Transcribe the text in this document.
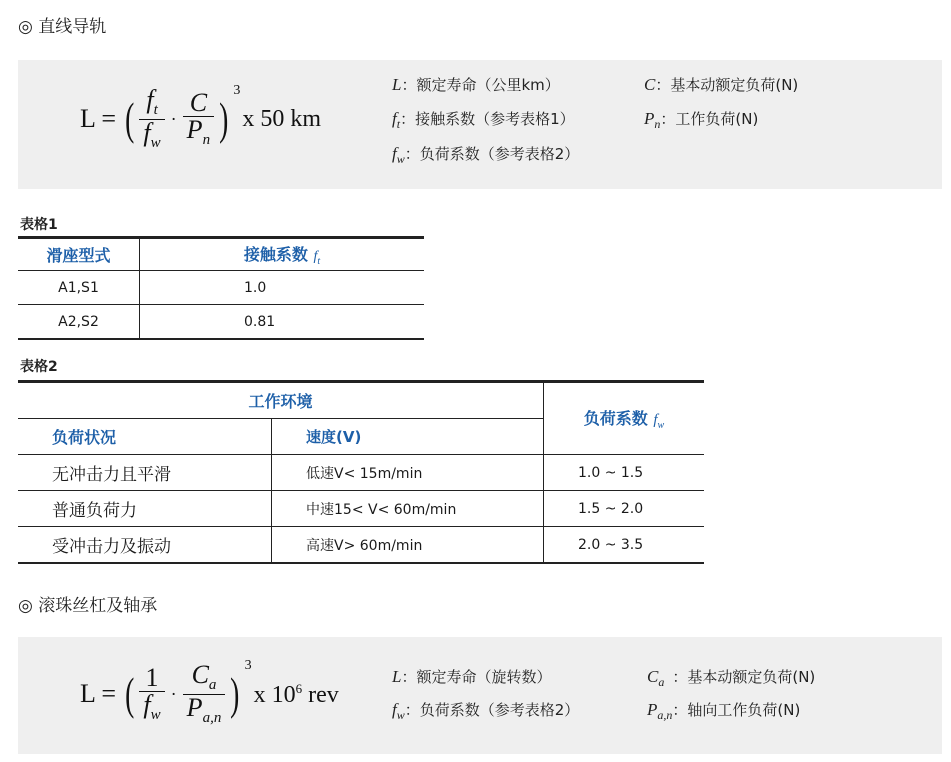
◎ 直线导轨
L = ( $\frac{f_t}{f_w} \cdot \frac{C}{P_n}$ )
3
x 50 km
L：额定寿命（公里km）
$f_t$：接触系数（参考表格1）
$f_w$：负荷系数（参考表格2）
C：基本动额定负荷(N)
$P_n$：工作负荷(N)
表格1
滑座型式	接触系数 $f_t$
A1,S1	1.0
A2,S2	0.81
表格2
工作环境		负荷系数 $f_w$
负荷状况	速度(V)	
无冲击力且平滑	低速V< 15m/min	1.0 ~ 1.5
普通负荷力	中速15< V< 60m/min	1.5 ~ 2.0
受冲击力及振动	高速V> 60m/min	2.0 ~ 3.5
◎ 滚珠丝杠及轴承
L = ( $\frac{1}{f_w} \cdot \frac{C_a}{P_{a,n}}$ )
3
x $10^6$ rev
L：额定寿命（旋转数）
$f_w$：负荷系数（参考表格2）
$C_a$ ：基本动额定负荷(N)
$P_{a,n}$：轴向工作负荷(N)
